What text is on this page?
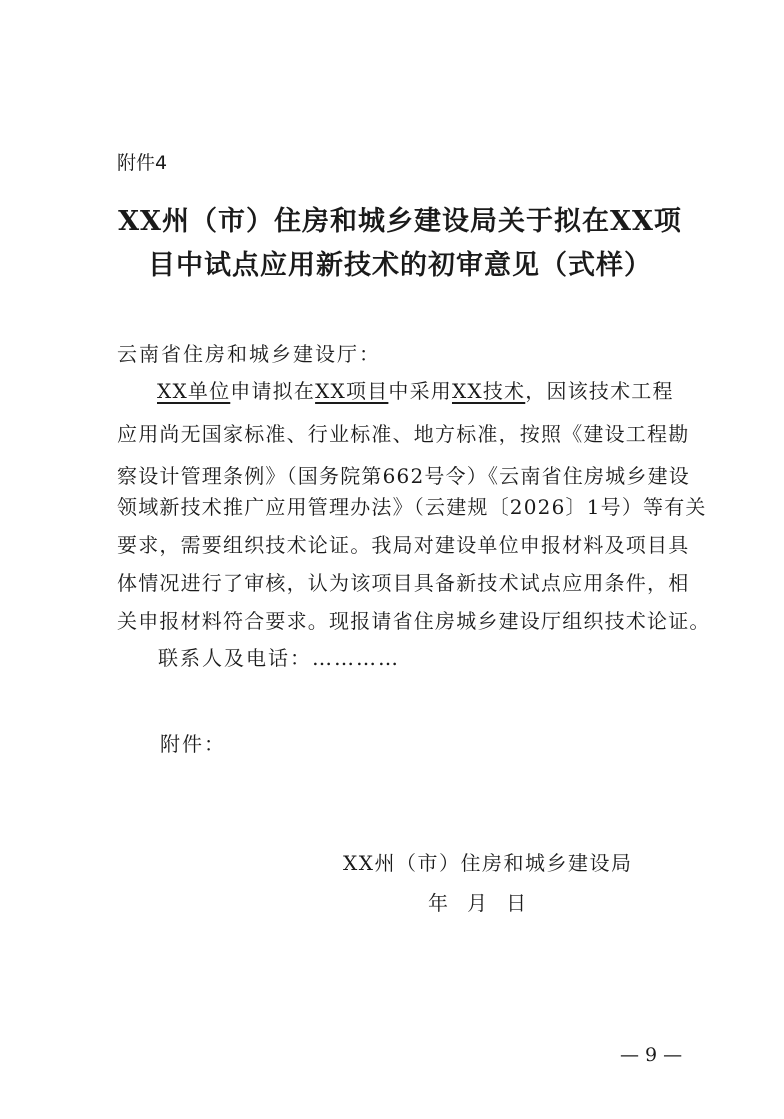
附件4
XX州（市）住房和城乡建设局关于拟在XX项
目中试点应用新技术的初审意见（式样）
云南省住房和城乡建设厅：
XX单位申请拟在XX项目中采用XX技术，因该技术工程
应用尚无国家标准、行业标准、地方标准，按照《建设工程勘
察设计管理条例》（国务院第662号令）《云南省住房城乡建设
领域新技术推广应用管理办法》（云建规〔2026〕1号）等有关
要求，需要组织技术论证。我局对建设单位申报材料及项目具
体情况进行了审核，认为该项目具备新技术试点应用条件，相
关申报材料符合要求。现报请省住房城乡建设厅组织技术论证。
联系人及电话：…………
附件：
XX州（市）住房和城乡建设局
年   月   日
— 9 —
